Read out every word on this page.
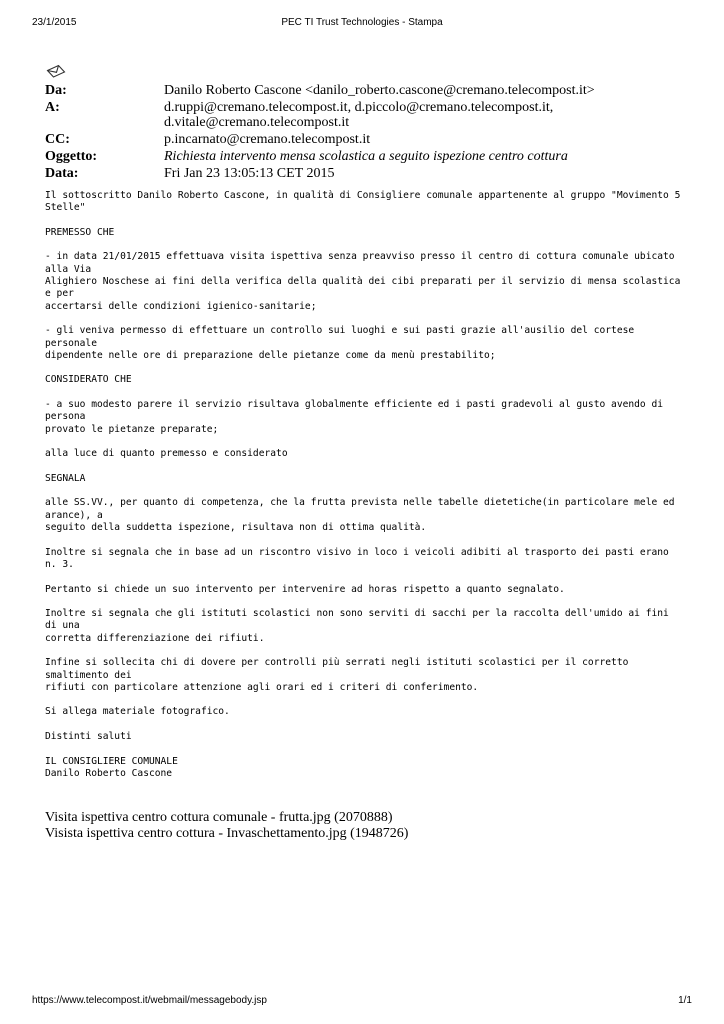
23/1/2015	PEC TI Trust Technologies - Stampa
Da:	Danilo Roberto Cascone <danilo_roberto.cascone@cremano.telecompost.it>
A:	d.ruppi@cremano.telecompost.it, d.piccolo@cremano.telecompost.it,
d.vitale@cremano.telecompost.it
CC:	p.incarnato@cremano.telecompost.it
Oggetto:	Richiesta intervento mensa scolastica a seguito ispezione centro cottura
Data:	Fri Jan 23 13:05:13 CET 2015
Il sottoscritto Danilo Roberto Cascone, in qualità di Consigliere comunale appartenente al gruppo "Movimento 5
Stelle"

PREMESSO CHE

- in data 21/01/2015 effettuava visita ispettiva senza preavviso presso il centro di cottura comunale ubicato
alla Via
Alighiero Noschese ai fini della verifica della qualità dei cibi preparati per il servizio di mensa scolastica
e per
accertarsi delle condizioni igienico-sanitarie;

- gli veniva permesso di effettuare un controllo sui luoghi e sui pasti grazie all'ausilio del cortese
personale
dipendente nelle ore di preparazione delle pietanze come da menù prestabilito;

CONSIDERATO CHE

- a suo modesto parere il servizio risultava globalmente efficiente ed i pasti gradevoli al gusto avendo di
persona
provato le pietanze preparate;

alla luce di quanto premesso e considerato

SEGNALA

alle SS.VV., per quanto di competenza, che la frutta prevista nelle tabelle dietetiche(in particolare mele ed
arance), a
seguito della suddetta ispezione, risultava non di ottima qualità.

Inoltre si segnala che in base ad un riscontro visivo in loco i veicoli adibiti al trasporto dei pasti erano
n. 3.

Pertanto si chiede un suo intervento per intervenire ad horas rispetto a quanto segnalato.

Inoltre si segnala che gli istituti scolastici non sono serviti di sacchi per la raccolta dell'umido ai fini
di una
corretta differenziazione dei rifiuti.

Infine si sollecita chi di dovere per controlli più serrati negli istituti scolastici per il corretto
smaltimento dei
rifiuti con particolare attenzione agli orari ed i criteri di conferimento.

Si allega materiale fotografico.

Distinti saluti

IL CONSIGLIERE COMUNALE
Danilo Roberto Cascone
Visita ispettiva centro cottura comunale - frutta.jpg (2070888)
Visista ispettiva centro cottura - Invaschettamento.jpg (1948726)
https://www.telecompost.it/webmail/messagebody.jsp	1/1
